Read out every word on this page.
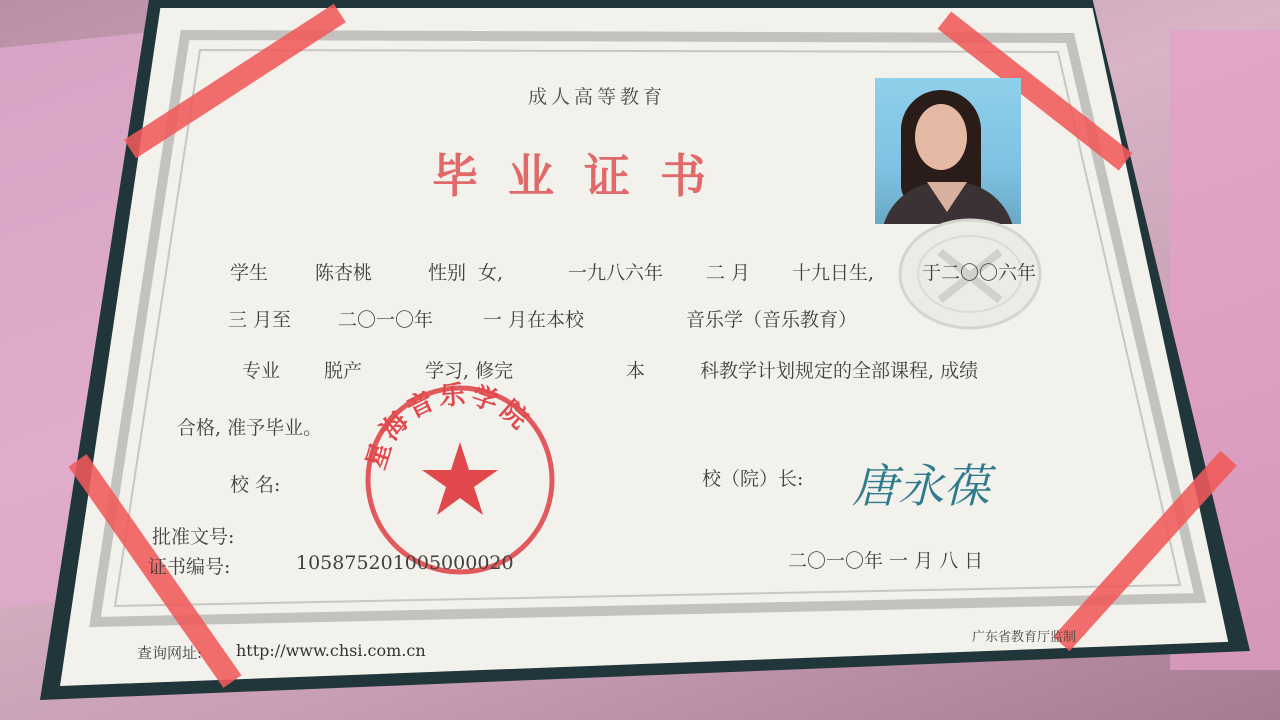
成人高等教育
毕业证书
学生 陈杏桃	性别 女,	一九八六年 二 月 十九日生,	于二〇〇六年
三 月至 二〇一〇年	一 月在本校	音乐学（音乐教育）
专业 脱产	学习, 修完	本	科教学计划规定的全部课程, 成绩
合格, 准予毕业。
校 名:	校（院）长:
星海音乐学院
唐永葆
批准文号:
证书编号:	105875201005000020	二〇一〇年 一 月 八 日
查询网址: http://www.chsi.com.cn
广东省教育厅监制
